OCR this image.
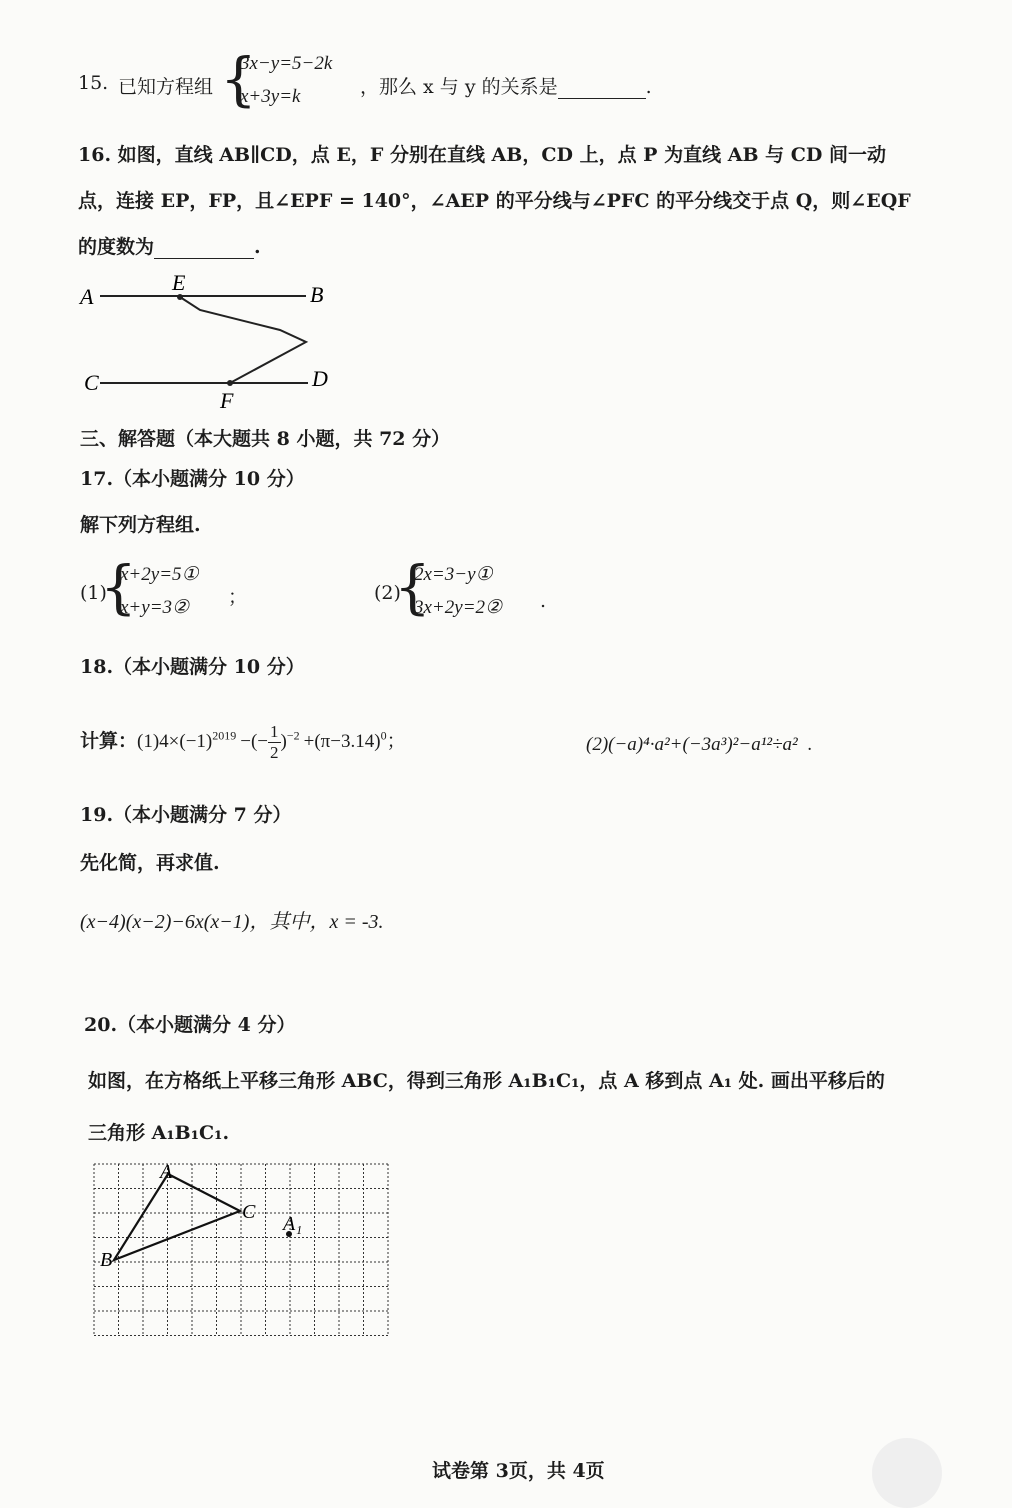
15. 已知方程组 {
3x−y=5−2k
x+3y=k	，那么 x 与 y 的关系是	.
16. 如图，直线 AB∥CD，点 E，F 分别在直线 AB，CD 上，点 P 为直线 AB 与 CD 间一动
点，连接 EP，FP，且∠EPF = 140°，∠AEP 的平分线与∠PFC 的平分线交于点 Q，则∠EQF
的度数为	.
A
E	B
C	D
F
三、解答题（本大题共 8 小题，共 72 分）
17.（本小题满分 10 分）
解下列方程组.
(1)
{
x+2y=5①
x+y=3② ；	(2)
{
2x=3−y①
3x+2y=2② .
18.（本小题满分 10 分）
计算：$(1)4\times(-1)^{2019}$ −(− $\frac{1}{2} )^{-2} +(\pi-3.14)^0$；	(2)(−a)⁴·a²+(−3a³)²−a¹²÷a² .
19.（本小题满分 7 分）
先化简，再求值.
(x−4)(x−2)−6x(x−1)，其中，x = -3.
20.（本小题满分 4 分）
如图，在方格纸上平移三角形 ABC，得到三角形 A₁B₁C₁，点 A 移到点 A₁ 处. 画出平移后的
三角形 A₁B₁C₁.
A
B
C
A₁
试卷第 3页，共 4页
